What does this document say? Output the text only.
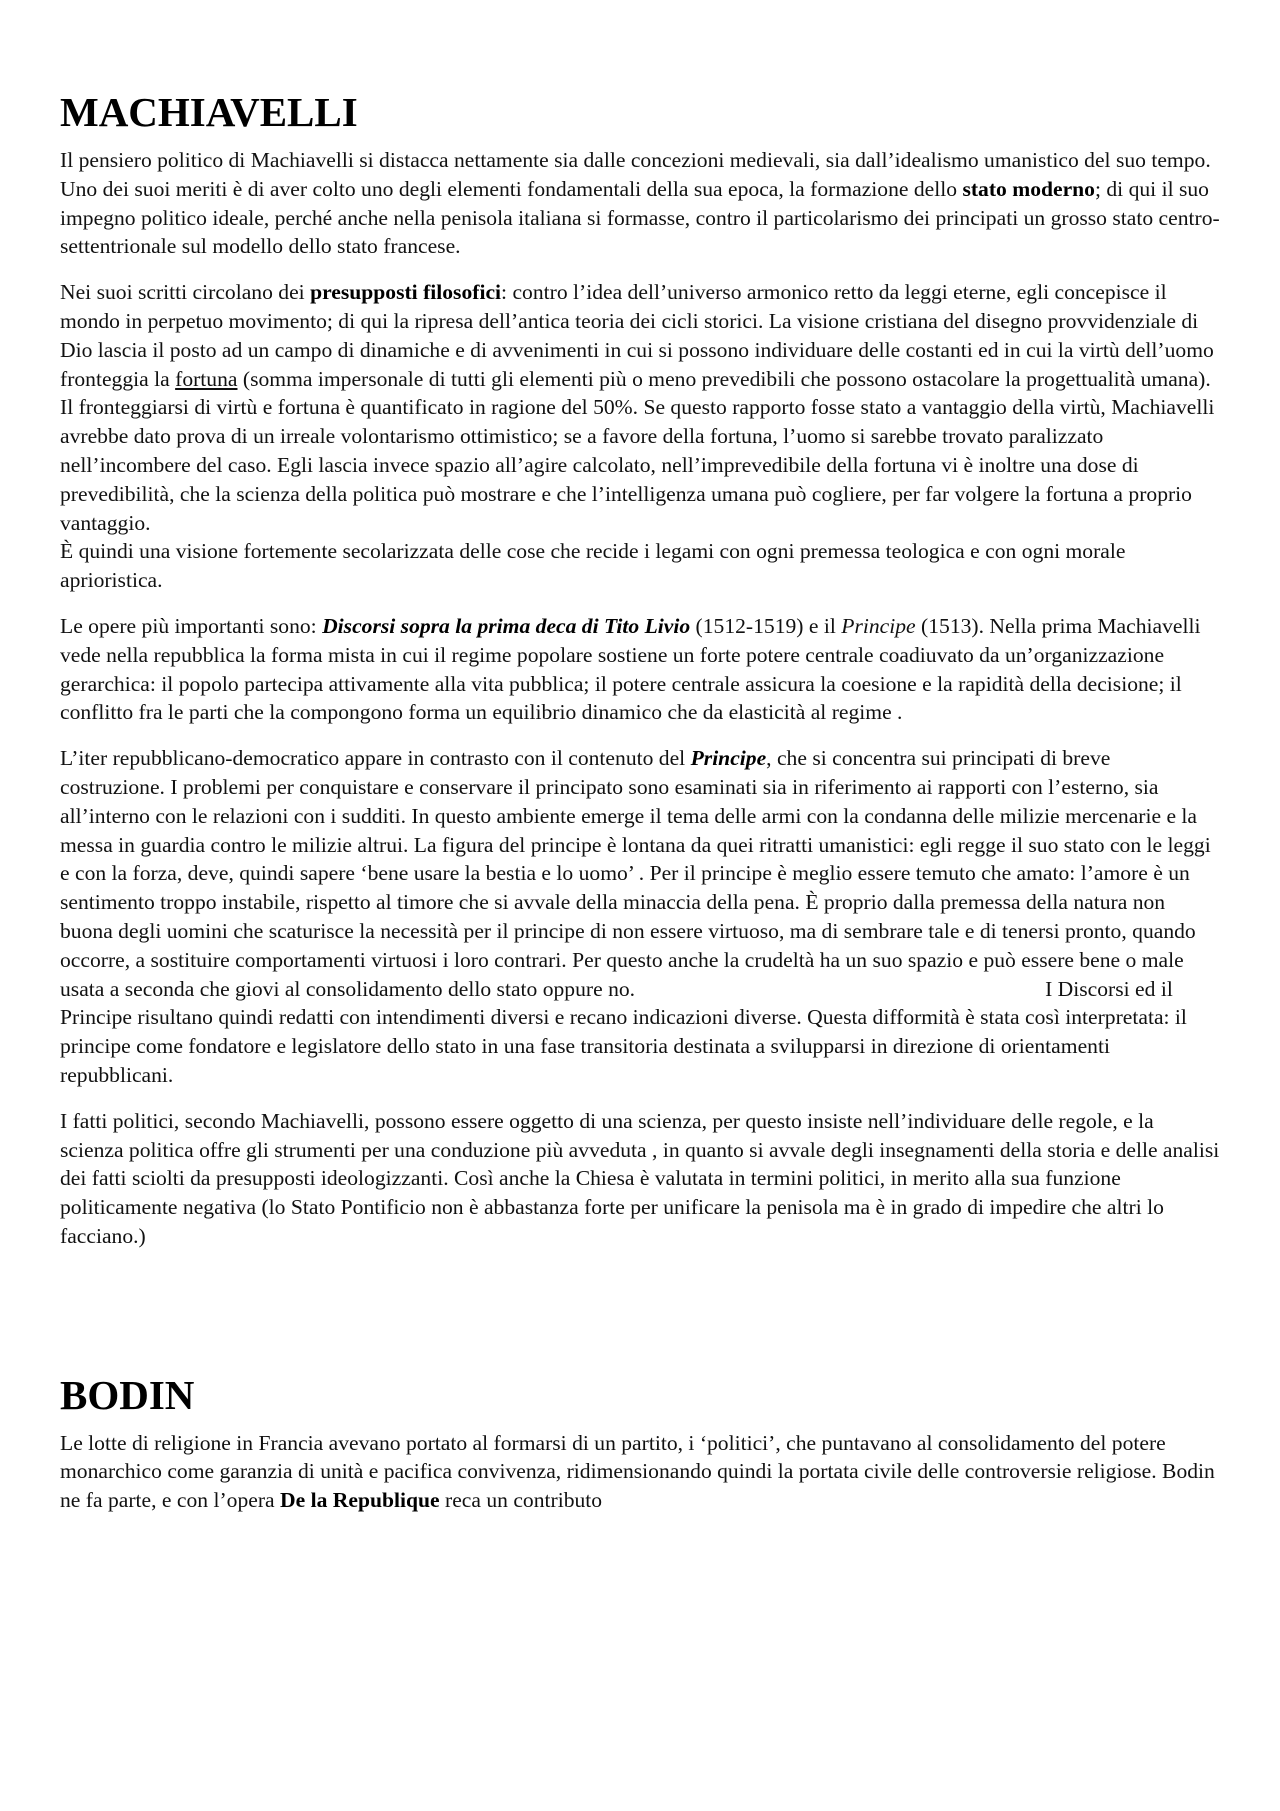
MACHIAVELLI

Il pensiero politico di Machiavelli si distacca nettamente sia dalle concezioni medievali, sia dall’idealismo umanistico del suo tempo. Uno dei suoi meriti è di aver colto uno degli elementi fondamentali della sua epoca, la formazione dello stato moderno; di qui il suo impegno politico ideale, perché anche nella penisola italiana si formasse, contro il particolarismo dei principati un grosso stato centro-settentrionale sul modello dello stato francese.

Nei suoi scritti circolano dei presupposti filosofici: contro l’idea dell’universo armonico retto da leggi eterne, egli concepisce il mondo in perpetuo movimento; di qui la ripresa dell’antica teoria dei cicli storici. La visione cristiana del disegno provvidenziale di Dio lascia il posto ad un campo di dinamiche e di avvenimenti in cui si possono individuare delle costanti ed in cui la virtù dell’uomo fronteggia la fortuna (somma impersonale di tutti gli elementi più o meno prevedibili che possono ostacolare la progettualità umana). Il fronteggiarsi di virtù e fortuna è quantificato in ragione del 50%. Se questo rapporto fosse stato a vantaggio della virtù, Machiavelli avrebbe dato prova di un irreale volontarismo ottimistico; se a favore della fortuna, l’uomo si sarebbe trovato paralizzato nell’incombere del caso. Egli lascia invece spazio all’agire calcolato, nell’imprevedibile della fortuna vi è inoltre una dose di prevedibilità, che la scienza della politica può mostrare e che l’intelligenza umana può cogliere, per far volgere la fortuna a proprio vantaggio.
È quindi una visione fortemente secolarizzata delle cose che recide i legami con ogni premessa teologica e con ogni morale aprioristica.

Le opere più importanti sono: Discorsi sopra la prima deca di Tito Livio (1512-1519) e il Principe (1513). Nella prima Machiavelli vede nella repubblica la forma mista in cui il regime popolare sostiene un forte potere centrale coadiuvato da un’organizzazione gerarchica: il popolo partecipa attivamente alla vita pubblica; il potere centrale assicura la coesione e la rapidità della decisione; il conflitto fra le parti che la compongono forma un equilibrio dinamico che da elasticità al regime .

L’iter repubblicano-democratico appare in contrasto con il contenuto del Principe, che si concentra sui principati di breve costruzione. I problemi per conquistare e conservare il principato sono esaminati sia in riferimento ai rapporti con l’esterno, sia all’interno con le relazioni con i sudditi. In questo ambiente emerge il tema delle armi con la condanna delle milizie mercenarie e la messa in guardia contro le milizie altrui. La figura del principe è lontana da quei ritratti umanistici: egli regge il suo stato con le leggi e con la forza, deve, quindi sapere ‘bene usare la bestia e lo uomo’ . Per il principe è meglio essere temuto che amato: l’amore è un sentimento troppo instabile, rispetto al timore che si avvale della minaccia della pena. È proprio dalla premessa della natura non buona degli uomini che scaturisce la necessità per il principe di non essere virtuoso, ma di sembrare tale e di tenersi pronto, quando occorre, a sostituire comportamenti virtuosi i loro contrari. Per questo anche la crudeltà ha un suo spazio e può essere bene o male usata a seconda che giovi al consolidamento dello stato oppure no.	I Discorsi ed il Principe risultano quindi redatti con intendimenti diversi e recano indicazioni diverse. Questa difformità è stata così interpretata: il principe come fondatore e legislatore dello stato in una fase transitoria destinata a svilupparsi in direzione di orientamenti repubblicani.

I fatti politici, secondo Machiavelli, possono essere oggetto di una scienza, per questo insiste nell’individuare delle regole, e la scienza politica offre gli strumenti per una conduzione più avveduta , in quanto si avvale degli insegnamenti della storia e delle analisi dei fatti sciolti da presupposti ideologizzanti. Così anche la Chiesa è valutata in termini politici, in merito alla sua funzione politicamente negativa (lo Stato Pontificio non è abbastanza forte per unificare la penisola ma è in grado di impedire che altri lo facciano.)

BODIN

Le lotte di religione in Francia avevano portato al formarsi di un partito, i ‘politici’, che puntavano al consolidamento del potere monarchico come garanzia di unità e pacifica convivenza, ridimensionando quindi la portata civile delle controversie religiose. Bodin ne fa parte, e con l’opera De la Republique reca un contributo
